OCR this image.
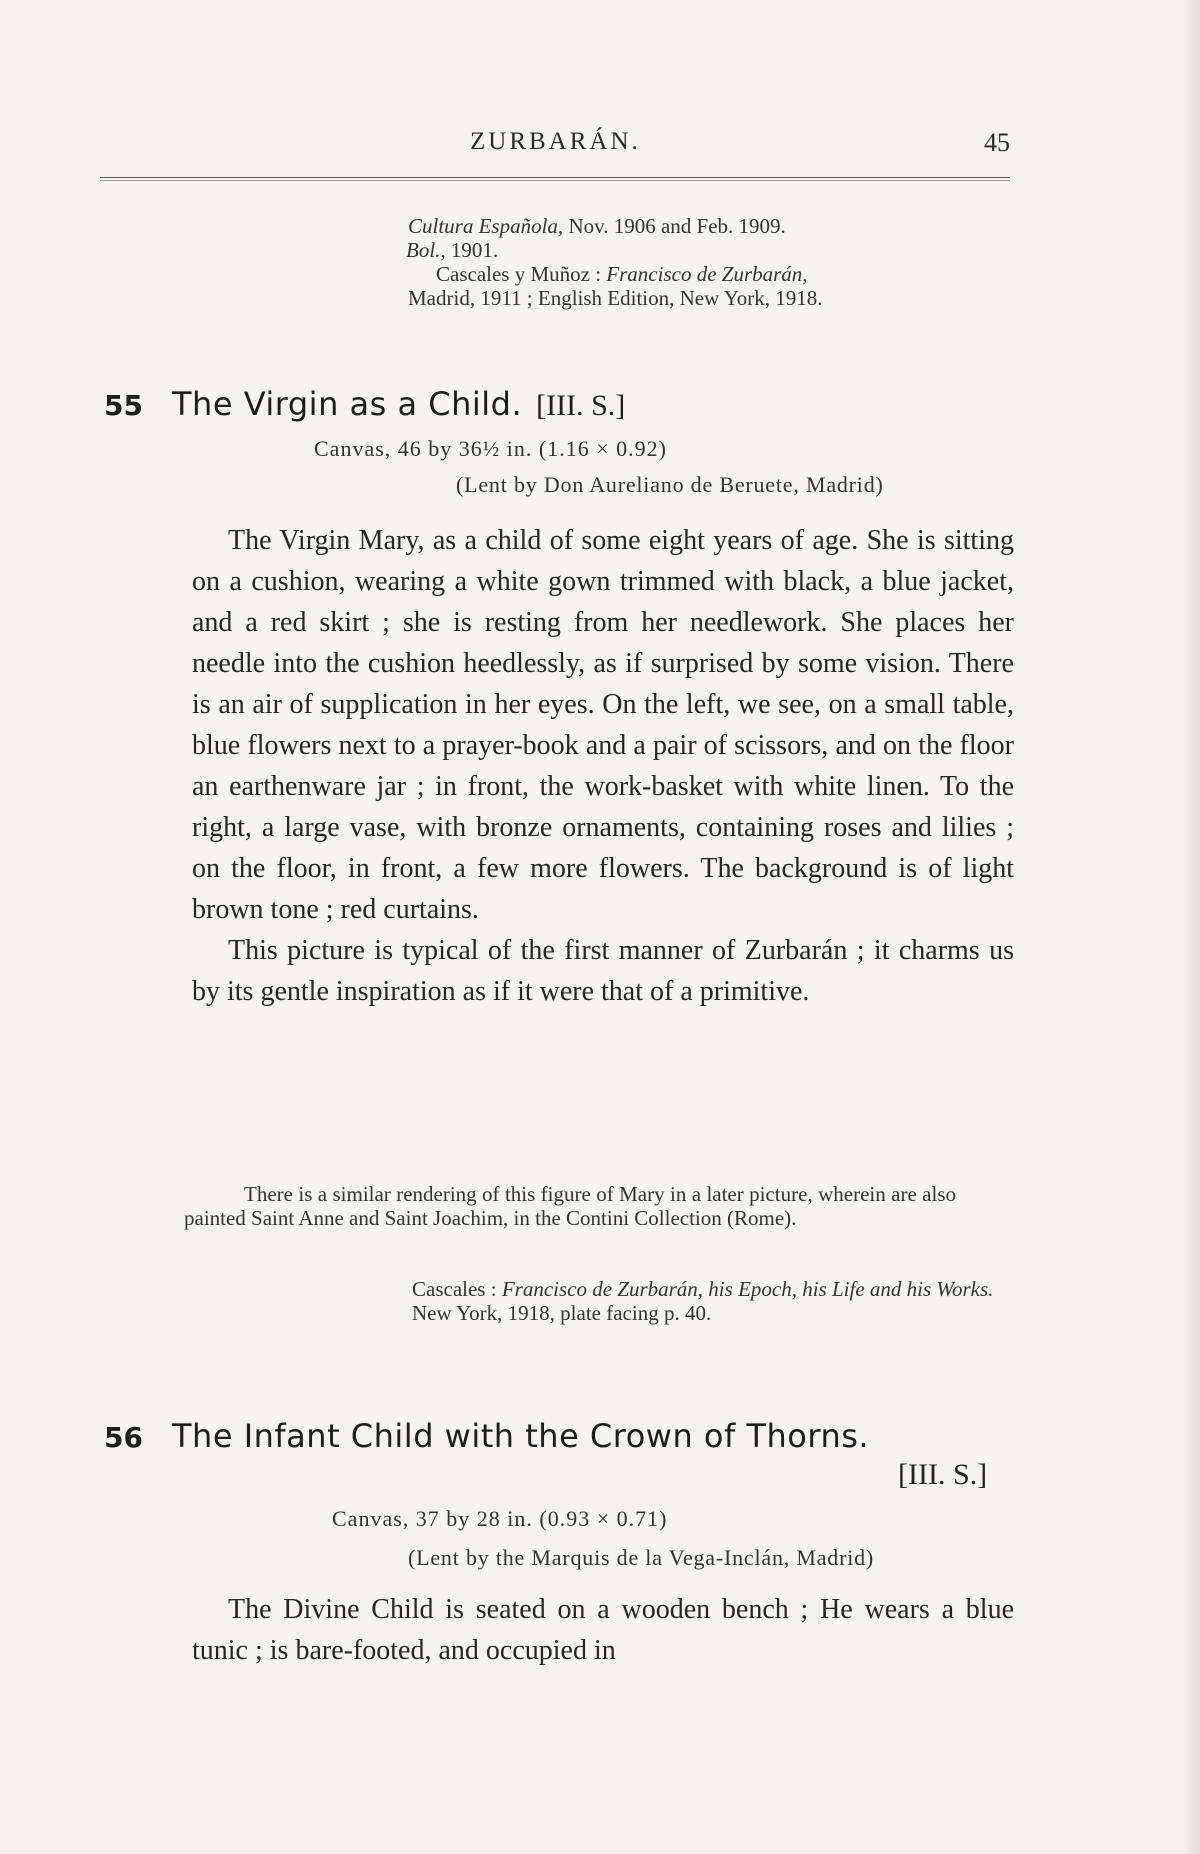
ZURBARÁN.	45
Cultura Española, Nov. 1906 and Feb. 1909.
Bol., 1901.
Cascales y Muñoz : Francisco de Zurbarán,
Madrid, 1911 ; English Edition, New York, 1918.
55 The Virgin as a Child. [III. S.]
Canvas, 46 by 36½ in. (1.16 × 0.92)
(Lent by Don Aureliano de Beruete, Madrid)

The Virgin Mary, as a child of some eight years of age. She is sitting on a cushion, wearing a white gown trimmed with black, a blue jacket, and a red skirt ; she is resting from her needlework. She places her needle into the cushion heedlessly, as if surprised by some vision. There is an air of supplication in her eyes. On the left, we see, on a small table, blue flowers next to a prayer-book and a pair of scissors, and on the floor an earthenware jar ; in front, the work-basket with white linen. To the right, a large vase, with bronze ornaments, containing roses and lilies ; on the floor, in front, a few more flowers. The background is of light brown tone ; red curtains.

This picture is typical of the first manner of Zurbarán ; it charms us by its gentle inspiration as if it were that of a primitive.

There is a similar rendering of this figure of Mary in a later picture, wherein are also painted Saint Anne and Saint Joachim, in the Contini Collection (Rome).
Cascales : Francisco de Zurbarán, his Epoch, his Life and his Works. New York, 1918, plate facing p. 40.
56 The Infant Child with the Crown of Thorns.
[III. S.]
Canvas, 37 by 28 in. (0.93 × 0.71)
(Lent by the Marquis de la Vega-Inclán, Madrid)

The Divine Child is seated on a wooden bench ; He wears a blue tunic ; is bare-footed, and occupied in
